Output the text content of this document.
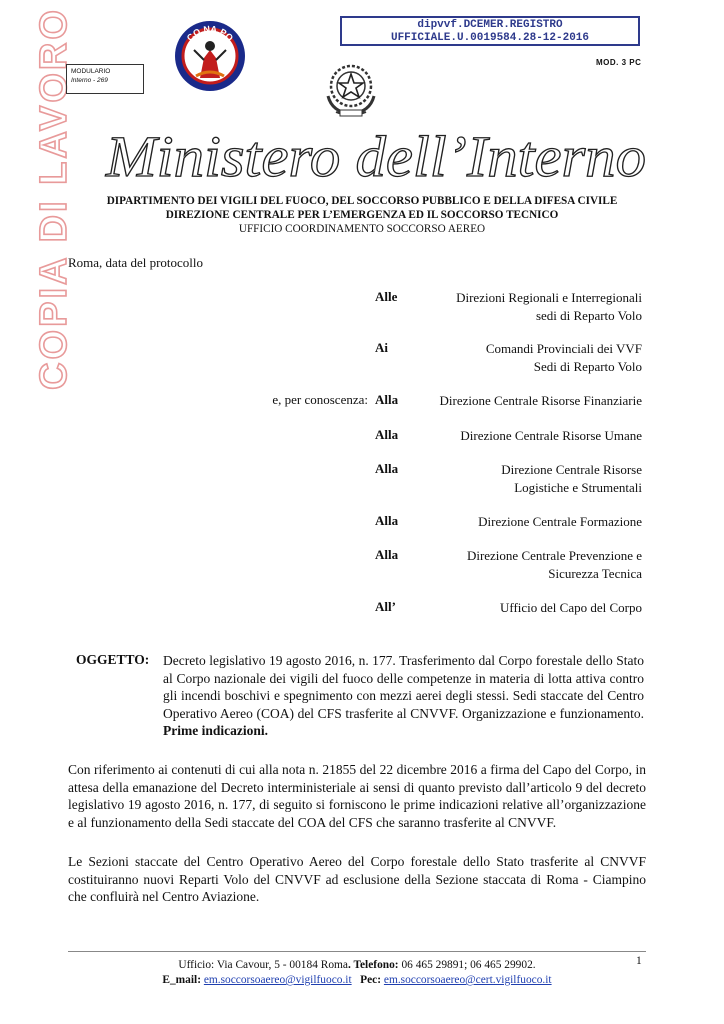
dipvvf.DCEMER.REGISTRO
UFFICIALE.U.0019584.28-12-2016
COPIA DI LAVORO	CO.NA.PO
MODULARIO
Interno - 269
MOD. 3 PC
Ministero dell’Interno
DIPARTIMENTO DEI VIGILI DEL FUOCO, DEL SOCCORSO PUBBLICO E DELLA DIFESA CIVILE
DIREZIONE CENTRALE PER L’EMERGENZA ED IL SOCCORSO TECNICO
UFFICIO COORDINAMENTO SOCCORSO AEREO
Roma, data del protocollo
Alle	Direzioni Regionali e Interregionali
sedi di Reparto Volo
Ai	Comandi Provinciali dei VVF
Sedi di Reparto Volo
e, per conoscenza: Alla	Direzione Centrale Risorse Finanziarie
Alla	Direzione Centrale Risorse Umane
Alla	Direzione Centrale Risorse
Logistiche e Strumentali
Alla	Direzione Centrale Formazione
Alla	Direzione Centrale Prevenzione e
Sicurezza Tecnica
All’	Ufficio del Capo del Corpo
OGGETTO: Decreto legislativo 19 agosto 2016, n. 177. Trasferimento dal Corpo forestale dello Stato al Corpo nazionale dei vigili del fuoco delle competenze in materia di lotta attiva contro gli incendi boschivi e spegnimento con mezzi aerei degli stessi. Sedi staccate del Centro Operativo Aereo (COA) del CFS trasferite al CNVVF. Organizzazione e funzionamento. Prime indicazioni.
Con riferimento ai contenuti di cui alla nota n. 21855 del 22 dicembre 2016 a firma del Capo del Corpo, in attesa della emanazione del Decreto interministeriale ai sensi di quanto previsto dall’articolo 9 del decreto legislativo 19 agosto 2016, n. 177, di seguito si forniscono le prime indicazioni relative all’organizzazione e al funzionamento della Sedi staccate del COA del CFS che saranno trasferite al CNVVF.
Le Sezioni staccate del Centro Operativo Aereo del Corpo forestale dello Stato trasferite al CNVVF costituiranno nuovi Reparti Volo del CNVVF ad esclusione della Sezione staccata di Roma - Ciampino che confluirà nel Centro Aviazione.
1
Ufficio: Via Cavour, 5 - 00184 Roma. Telefono: 06 465 29891; 06 465 29902.
E_mail: em.soccorsoaereo@vigilfuoco.it Pec: em.soccorsoaereo@cert.vigilfuoco.it
